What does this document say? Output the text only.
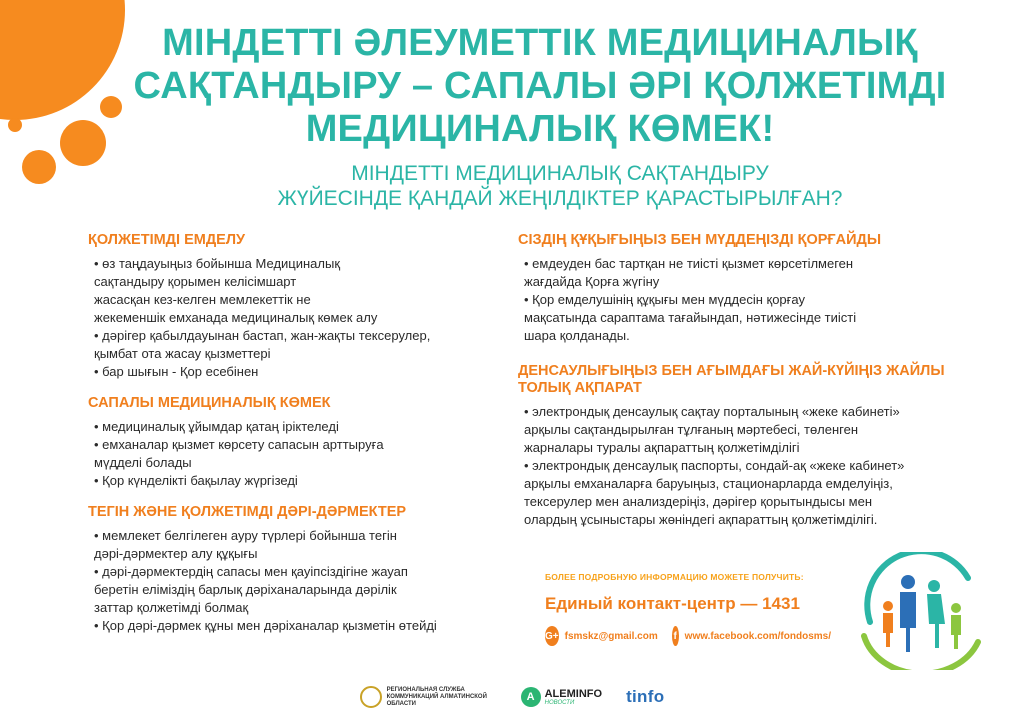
МІНДЕТТІ ӘЛЕУМЕТТІК МЕДИЦИНАЛЫҚ
САҚТАНДЫРУ – САПАЛЫ ӘРІ ҚОЛЖЕТІМДІ
МЕДИЦИНАЛЫҚ КӨМЕК!
МІНДЕТТІ МЕДИЦИНАЛЫҚ САҚТАНДЫРУ
ЖҮЙЕСІНДЕ ҚАНДАЙ ЖЕҢІЛДІКТЕР ҚАРАСТЫРЫЛҒАН?
ҚОЛЖЕТІМДІ ЕМДЕЛУ
• өз таңдауыңыз бойынша Медициналық
сақтандыру қорымен келісімшарт
жасасқан кез-келген мемлекеттік не
жекеменшік емханада медициналық көмек алу
• дәрігер қабылдауынан бастап, жан-жақты тексерулер,
қымбат ота жасау қызметтері
• бар шығын - Қор есебінен
САПАЛЫ МЕДИЦИНАЛЫҚ КӨМЕК
• медициналық ұйымдар қатаң іріктеледі
• емханалар қызмет көрсету сапасын арттыруға
мүдделі болады
• Қор күнделікті бақылау жүргізеді
ТЕГІН ЖӘНЕ ҚОЛЖЕТІМДІ ДӘРІ-ДӘРМЕКТЕР
• мемлекет белгілеген ауру түрлері бойынша тегін
дәрі-дәрмектер алу құқығы
• дәрі-дәрмектердің сапасы мен қауіпсіздігіне жауап
беретін еліміздің барлық дәріханаларында дәрілік
заттар қолжетімді болмақ
• Қор дәрі-дәрмек құны мен дәріханалар қызметін өтейді
СІЗДІҢ ҚҰҚЫҒЫҢЫЗ БЕН МҮДДЕҢІЗДІ ҚОРҒАЙДЫ
• емдеуден бас тартқан не тиісті қызмет көрсетілмеген
жағдайда Қорға жүгіну
• Қор емделушінің құқығы мен мүддесін қорғау
мақсатында сараптама тағайындап, нәтижесінде тиісті
шара қолданады.
ДЕНСАУЛЫҒЫҢЫЗ БЕН АҒЫМДАҒЫ ЖАЙ-КҮЙІҢІЗ ЖАЙЛЫ ТОЛЫҚ АҚПАРАТ
• электрондық денсаулық сақтау порталының «жеке кабинеті»
арқылы сақтандырылған тұлғаның мәртебесі, төленген
жарналары туралы ақпараттың қолжетімділігі
• электрондық денсаулық паспорты, сондай-ақ «жеке кабинет»
арқылы емханаларға баруыңыз, стационарларда емделуіңіз,
тексерулер мен анализдеріңіз, дәрігер қорытындысы мен
олардың ұсыныстары жөніндегі ақпараттың қолжетімділігі.
БОЛЕЕ ПОДРОБНУЮ ИНФОРМАЦИЮ МОЖЕТЕ ПОЛУЧИТЬ:
Единый контакт-центр — 1431
G+ fsmskz@gmail.com f www.facebook.com/fondosms/
РЕГИОНАЛЬНАЯ СЛУЖБА КОММУНИКАЦИЙ АЛМАТИНСКОЙ ОБЛАСТИ
A ALEMINFO
НОВОСТИ	tinfo
